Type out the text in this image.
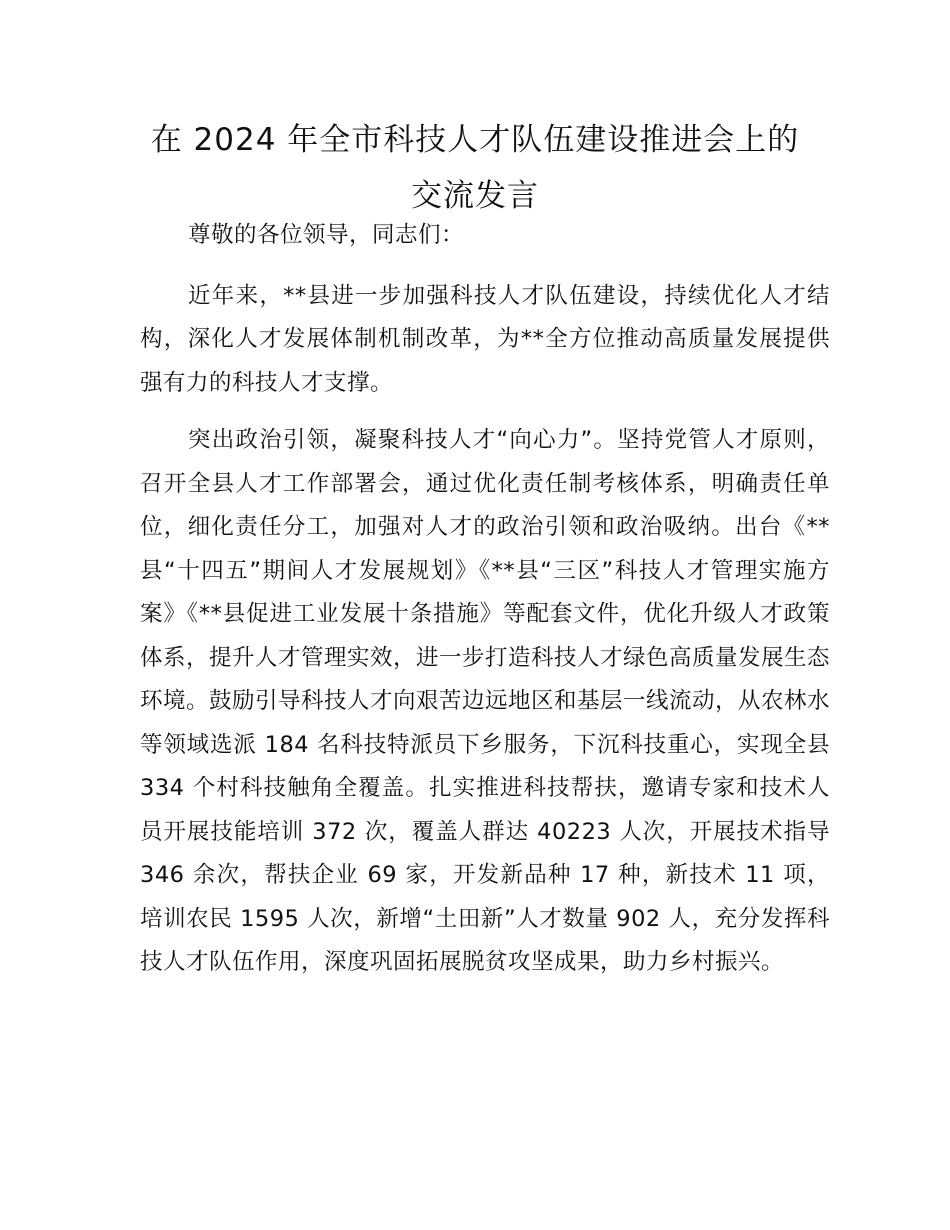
在 2024 年全市科技人才队伍建设推进会上的
交流发言

尊敬的各位领导，同志们：

近年来，**县进一步加强科技人才队伍建设，持续优化人才结构，深化人才发展体制机制改革，为**全方位推动高质量发展提供强有力的科技人才支撑。

突出政治引领，凝聚科技人才“向心力”。坚持党管人才原则，召开全县人才工作部署会，通过优化责任制考核体系，明确责任单位，细化责任分工，加强对人才的政治引领和政治吸纳。出台《**县“十四五”期间人才发展规划》《**县“三区”科技人才管理实施方案》《**县促进工业发展十条措施》等配套文件，优化升级人才政策体系，提升人才管理实效，进一步打造科技人才绿色高质量发展生态环境。鼓励引导科技人才向艰苦边远地区和基层一线流动，从农林水等领域选派 184 名科技特派员下乡服务，下沉科技重心，实现全县 334 个村科技触角全覆盖。扎实推进科技帮扶，邀请专家和技术人员开展技能培训 372 次，覆盖人群达 40223 人次，开展技术指导 346 余次，帮扶企业 69 家，开发新品种 17 种，新技术 11 项，培训农民 1595 人次，新增“土田新”人才数量 902 人，充分发挥科技人才队伍作用，深度巩固拓展脱贫攻坚成果，助力乡村振兴。
